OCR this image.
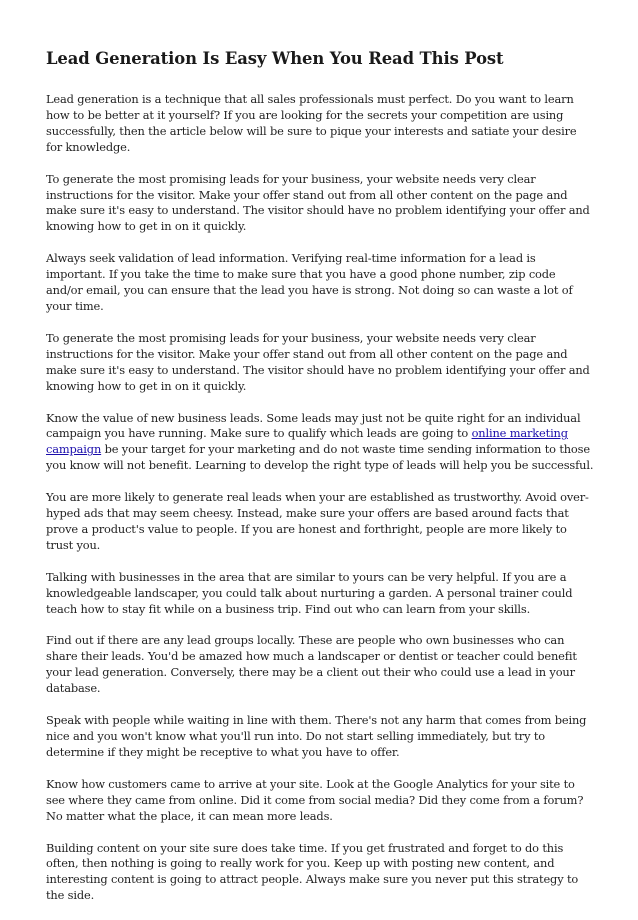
Lead Generation Is Easy When You Read This Post

Lead generation is a technique that all sales professionals must perfect. Do you want to learn how to be better at it yourself? If you are looking for the secrets your competition are using successfully, then the article below will be sure to pique your interests and satiate your desire for knowledge.

To generate the most promising leads for your business, your website needs very clear instructions for the visitor. Make your offer stand out from all other content on the page and make sure it's easy to understand. The visitor should have no problem identifying your offer and knowing how to get in on it quickly.

Always seek validation of lead information. Verifying real-time information for a lead is important. If you take the time to make sure that you have a good phone number, zip code and/or email, you can ensure that the lead you have is strong. Not doing so can waste a lot of your time.

To generate the most promising leads for your business, your website needs very clear instructions for the visitor. Make your offer stand out from all other content on the page and make sure it's easy to understand. The visitor should have no problem identifying your offer and knowing how to get in on it quickly.

Know the value of new business leads. Some leads may just not be quite right for an individual campaign you have running. Make sure to qualify which leads are going to online marketing campaign be your target for your marketing and do not waste time sending information to those you know will not benefit. Learning to develop the right type of leads will help you be successful.

You are more likely to generate real leads when your are established as trustworthy. Avoid over-hyped ads that may seem cheesy. Instead, make sure your offers are based around facts that prove a product's value to people. If you are honest and forthright, people are more likely to trust you.

Talking with businesses in the area that are similar to yours can be very helpful. If you are a knowledgeable landscaper, you could talk about nurturing a garden. A personal trainer could teach how to stay fit while on a business trip. Find out who can learn from your skills.

Find out if there are any lead groups locally. These are people who own businesses who can share their leads. You'd be amazed how much a landscaper or dentist or teacher could benefit your lead generation. Conversely, there may be a client out their who could use a lead in your database.

Speak with people while waiting in line with them. There's not any harm that comes from being nice and you won't know what you'll run into. Do not start selling immediately, but try to determine if they might be receptive to what you have to offer.

Know how customers came to arrive at your site. Look at the Google Analytics for your site to see where they came from online. Did it come from social media? Did they come from a forum? No matter what the place, it can mean more leads.

Building content on your site sure does take time. If you get frustrated and forget to do this often, then nothing is going to really work for you. Keep up with posting new content, and interesting content is going to attract people. Always make sure you never put this strategy to the side.
